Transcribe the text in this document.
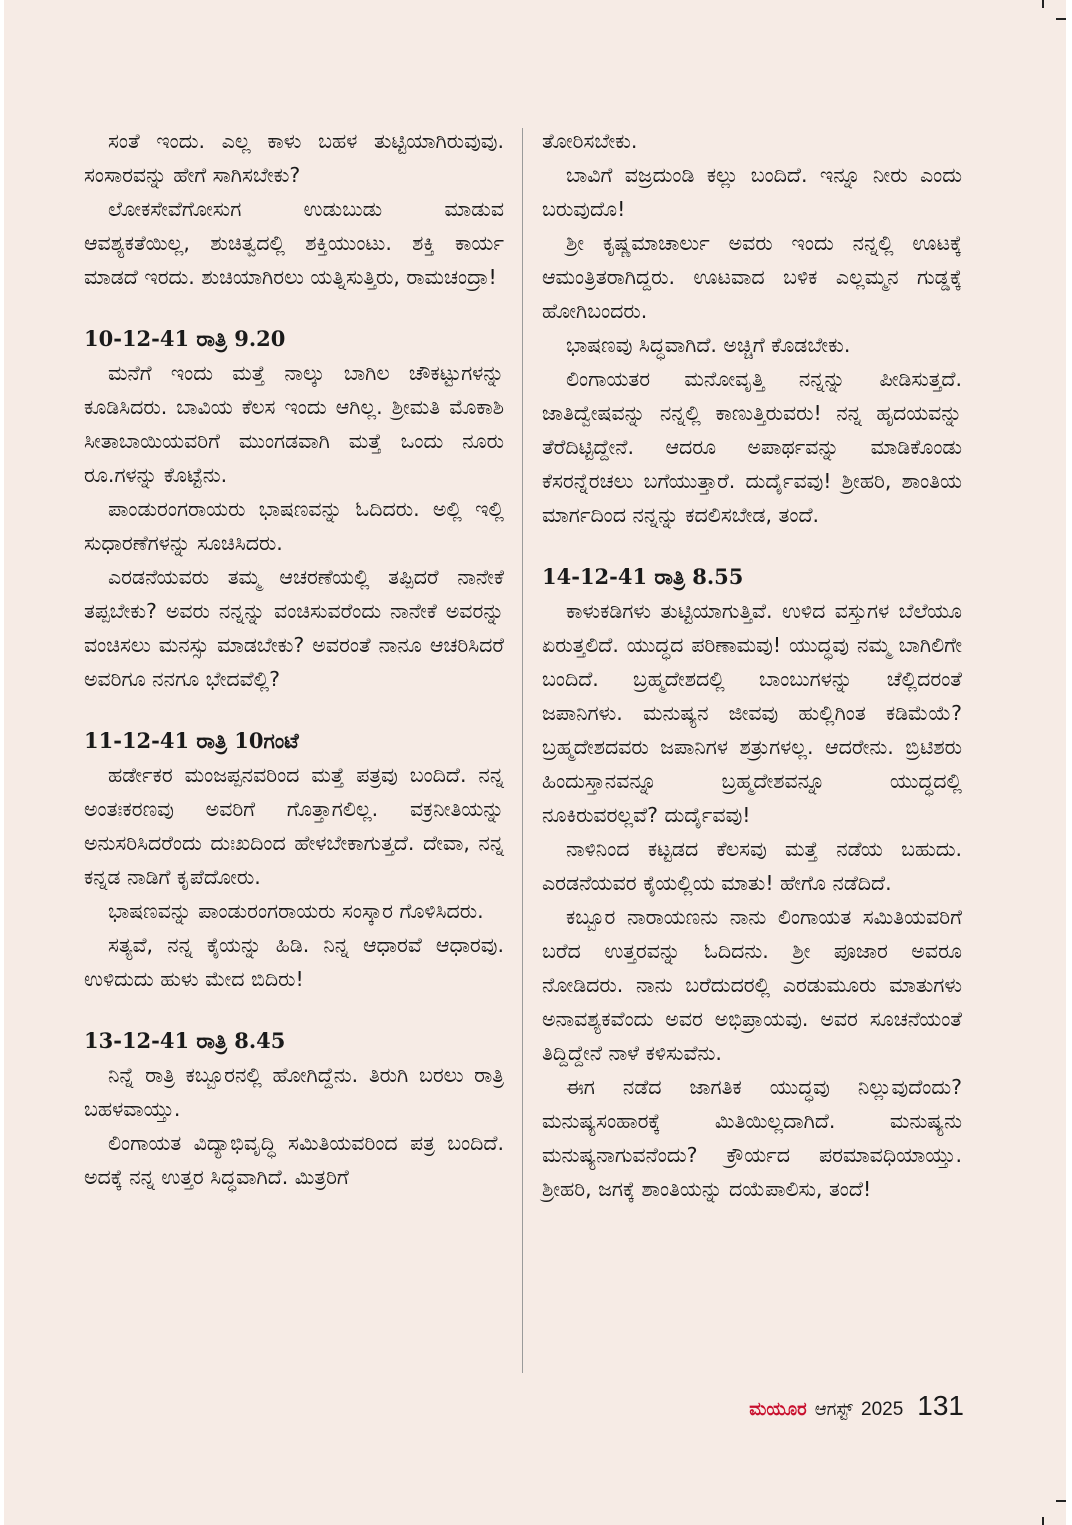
ಸಂತೆ ಇಂದು. ಎಲ್ಲ ಕಾಳು ಬಹಳ ತುಟ್ಟಿಯಾಗಿರುವುವು. ಸಂಸಾರವನ್ನು ಹೇಗೆ ಸಾಗಿಸಬೇಕು?

ಲೋಕಸೇವೆಗೋಸುಗ ಉಡುಬುಡು ಮಾಡುವ ಆವಶ್ಯಕತೆಯಿಲ್ಲ, ಶುಚಿತ್ವದಲ್ಲಿ ಶಕ್ತಿಯುಂಟು. ಶಕ್ತಿ ಕಾರ್ಯ ಮಾಡದೆ ಇರದು. ಶುಚಿಯಾಗಿರಲು ಯತ್ನಿಸುತ್ತಿರು, ರಾಮಚಂದ್ರಾ!

10-12-41 ರಾತ್ರಿ 9.20

ಮನೆಗೆ ಇಂದು ಮತ್ತೆ ನಾಲ್ಕು ಬಾಗಿಲ ಚೌಕಟ್ಟುಗಳನ್ನು ಕೂಡಿಸಿದರು. ಬಾವಿಯ ಕೆಲಸ ಇಂದು ಆಗಿಲ್ಲ. ಶ್ರೀಮತಿ ಮೊಕಾಶಿ ಸೀತಾಬಾಯಿಯವರಿಗೆ ಮುಂಗಡವಾಗಿ ಮತ್ತೆ ಒಂದು ನೂರು ರೂ.ಗಳನ್ನು ಕೊಟ್ಟೆನು.

ಪಾಂಡುರಂಗರಾಯರು ಭಾಷಣವನ್ನು ಓದಿದರು. ಅಲ್ಲಿ ಇಲ್ಲಿ ಸುಧಾರಣೆಗಳನ್ನು ಸೂಚಿಸಿದರು.

ಎರಡನೆಯವರು ತಮ್ಮ ಆಚರಣೆಯಲ್ಲಿ ತಪ್ಪಿದರೆ ನಾನೇಕೆ ತಪ್ಪಬೇಕು? ಅವರು ನನ್ನನ್ನು ವಂಚಿಸುವರೆಂದು ನಾನೇಕೆ ಅವರನ್ನು ವಂಚಿಸಲು ಮನಸ್ಸು ಮಾಡಬೇಕು? ಅವರಂತೆ ನಾನೂ ಆಚರಿಸಿದರೆ ಅವರಿಗೂ ನನಗೂ ಭೇದವೆಲ್ಲಿ?

11-12-41 ರಾತ್ರಿ 10ಗಂಟೆ

ಹರ್ಡೇಕರ ಮಂಜಪ್ಪನವರಿಂದ ಮತ್ತೆ ಪತ್ರವು ಬಂದಿದೆ. ನನ್ನ ಅಂತಃಕರಣವು ಅವರಿಗೆ ಗೊತ್ತಾಗಲಿಲ್ಲ. ವಕ್ರನೀತಿಯನ್ನು ಅನುಸರಿಸಿದರೆಂದು ದುಃಖದಿಂದ ಹೇಳಬೇಕಾಗುತ್ತದೆ. ದೇವಾ, ನನ್ನ ಕನ್ನಡ ನಾಡಿಗೆ ಕೃಪೆದೋರು.

ಭಾಷಣವನ್ನು ಪಾಂಡುರಂಗರಾಯರು ಸಂಸ್ಕಾರ ಗೊಳಿಸಿದರು.

ಸತ್ಯವೆ, ನನ್ನ ಕೈಯನ್ನು ಹಿಡಿ. ನಿನ್ನ ಆಧಾರವೆ ಆಧಾರವು. ಉಳಿದುದು ಹುಳು ಮೇದ ಬಿದಿರು!

13-12-41 ರಾತ್ರಿ 8.45

ನಿನ್ನೆ ರಾತ್ರಿ ಕಬ್ಬೂರನಲ್ಲಿ ಹೋಗಿದ್ದೆನು. ತಿರುಗಿ ಬರಲು ರಾತ್ರಿ ಬಹಳವಾಯ್ತು.

ಲಿಂಗಾಯತ ವಿದ್ಯಾಭಿವೃದ್ಧಿ ಸಮಿತಿಯವರಿಂದ ಪತ್ರ ಬಂದಿದೆ. ಅದಕ್ಕೆ ನನ್ನ ಉತ್ತರ ಸಿದ್ಧವಾಗಿದೆ. ಮಿತ್ರರಿಗೆ

ತೋರಿಸಬೇಕು.

ಬಾವಿಗೆ ವಜ್ರದುಂಡಿ ಕಲ್ಲು ಬಂದಿದೆ. ಇನ್ನೂ ನೀರು ಎಂದು ಬರುವುದೊ!

ಶ್ರೀ ಕೃಷ್ಣಮಾಚಾರ್ಲು ಅವರು ಇಂದು ನನ್ನಲ್ಲಿ ಊಟಕ್ಕೆ ಆಮಂತ್ರಿತರಾಗಿದ್ದರು. ಊಟವಾದ ಬಳಿಕ ಎಲ್ಲಮ್ಮನ ಗುಡ್ಡಕ್ಕೆ ಹೋಗಿಬಂದರು.

ಭಾಷಣವು ಸಿದ್ಧವಾಗಿದೆ. ಅಚ್ಚಿಗೆ ಕೊಡಬೇಕು.

ಲಿಂಗಾಯತರ ಮನೋವೃತ್ತಿ ನನ್ನನ್ನು ಪೀಡಿಸುತ್ತದೆ. ಜಾತಿದ್ವೇಷವನ್ನು ನನ್ನಲ್ಲಿ ಕಾಣುತ್ತಿರುವರು! ನನ್ನ ಹೃದಯವನ್ನು ತೆರೆದಿಟ್ಟಿದ್ದೇನೆ. ಆದರೂ ಅಪಾರ್ಥವನ್ನು ಮಾಡಿಕೊಂಡು ಕೆಸರನ್ನೆರಚಲು ಬಗೆಯುತ್ತಾರೆ. ದುರ್ದೈವವು! ಶ್ರೀಹರಿ, ಶಾಂತಿಯ ಮಾರ್ಗದಿಂದ ನನ್ನನ್ನು ಕದಲಿಸಬೇಡ, ತಂದೆ.

14-12-41 ರಾತ್ರಿ 8.55

ಕಾಳುಕಡಿಗಳು ತುಟ್ಟಿಯಾಗುತ್ತಿವೆ. ಉಳಿದ ವಸ್ತುಗಳ ಬೆಲೆಯೂ ಏರುತ್ತಲಿದೆ. ಯುದ್ಧದ ಪರಿಣಾಮವು! ಯುದ್ಧವು ನಮ್ಮ ಬಾಗಿಲಿಗೇ ಬಂದಿದೆ. ಬ್ರಹ್ಮದೇಶದಲ್ಲಿ ಬಾಂಬುಗಳನ್ನು ಚೆಲ್ಲಿದರಂತೆ ಜಪಾನಿಗಳು. ಮನುಷ್ಯನ ಜೀವವು ಹುಲ್ಲಿಗಿಂತ ಕಡಿಮೆಯೆ? ಬ್ರಹ್ಮದೇಶದವರು ಜಪಾನಿಗಳ ಶತ್ರುಗಳಲ್ಲ. ಆದರೇನು. ಬ್ರಿಟಿಶರು ಹಿಂದುಸ್ತಾನವನ್ನೂ ಬ್ರಹ್ಮದೇಶವನ್ನೂ ಯುದ್ಧದಲ್ಲಿ ನೂಕಿರುವರಲ್ಲವೆ? ದುರ್ದೈವವು!

ನಾಳಿನಿಂದ ಕಟ್ಟಡದ ಕೆಲಸವು ಮತ್ತೆ ನಡೆಯ ಬಹುದು. ಎರಡನೆಯವರ ಕೈಯಲ್ಲಿಯ ಮಾತು! ಹೇಗೊ ನಡೆದಿದೆ.

ಕಬ್ಬೂರ ನಾರಾಯಣನು ನಾನು ಲಿಂಗಾಯತ ಸಮಿತಿಯವರಿಗೆ ಬರೆದ ಉತ್ತರವನ್ನು ಓದಿದನು. ಶ್ರೀ ಪೂಜಾರ ಅವರೂ ನೋಡಿದರು. ನಾನು ಬರೆದುದರಲ್ಲಿ ಎರಡುಮೂರು ಮಾತುಗಳು ಅನಾವಶ್ಯಕವೆಂದು ಅವರ ಅಭಿಪ್ರಾಯವು. ಅವರ ಸೂಚನೆಯಂತೆ ತಿದ್ದಿದ್ದೇನೆ ನಾಳೆ ಕಳಿಸುವೆನು.

ಈಗ ನಡೆದ ಜಾಗತಿಕ ಯುದ್ಧವು ನಿಲ್ಲುವುದೆಂದು? ಮನುಷ್ಯಸಂಹಾರಕ್ಕೆ ಮಿತಿಯಿಲ್ಲದಾಗಿದೆ. ಮನುಷ್ಯನು ಮನುಷ್ಯನಾಗುವನೆಂದು? ಕ್ರೌರ್ಯದ ಪರಮಾವಧಿಯಾಯ್ತು. ಶ್ರೀಹರಿ, ಜಗಕ್ಕೆ ಶಾಂತಿಯನ್ನು ದಯೆಪಾಲಿಸು, ತಂದೆ!

ಮಯೂರ ಆಗಸ್ಟ್ 2025 131
